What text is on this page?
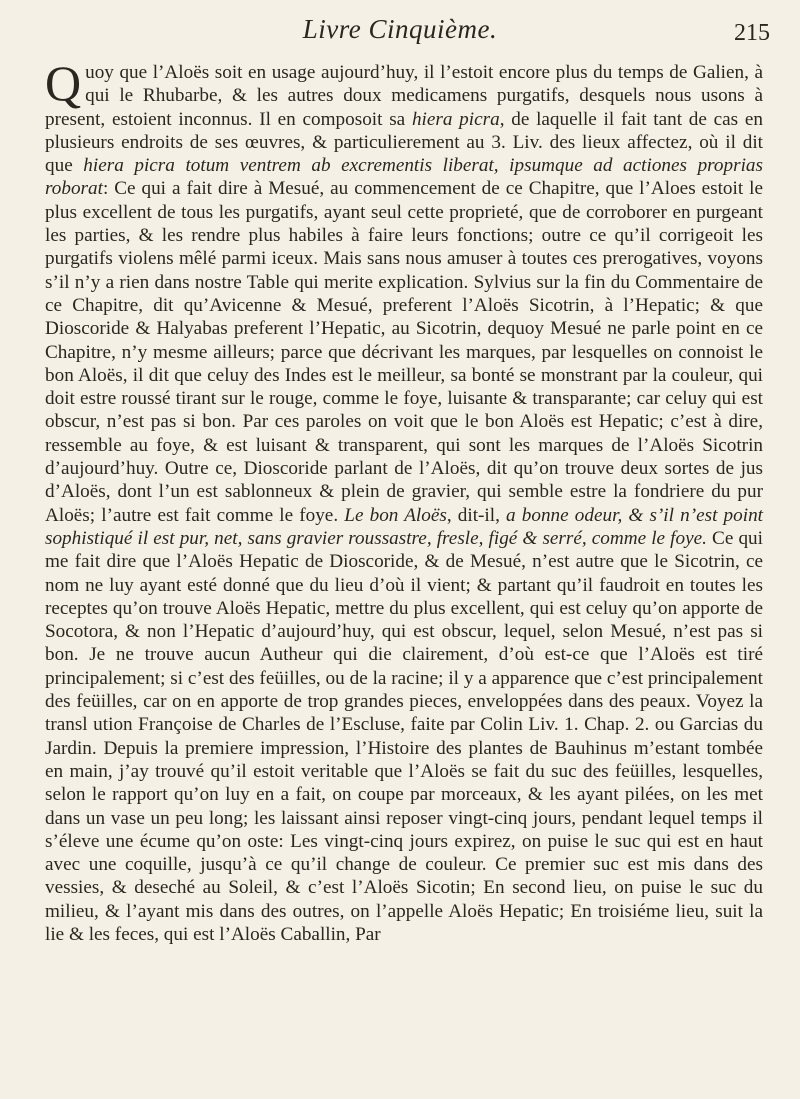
Livre Cinquième.	215

Quoy que l’Aloës soit en usage aujourd’huy, il l’estoit encore plus du temps de Galien, à qui le Rhubarbe, & les autres doux medicamens purgatifs, desquels nous usons à present, estoient inconnus. Il en composoit sa hiera picra, de laquelle il fait tant de cas en plusieurs endroits de ses œuvres, & particulierement au 3. Liv. des lieux affectez, où il dit que hiera picra totum ventrem ab excrementis liberat, ipsumque ad actiones proprias roborat: Ce qui a fait dire à Mesué, au commencement de ce Chapitre, que l’Aloes estoit le plus excellent de tous les purgatifs, ayant seul cette proprieté, que de corroborer en purgeant les parties, & les rendre plus habiles à faire leurs fonctions; outre ce qu’il corrigeoit les purgatifs violens mêlé parmi iceux. Mais sans nous amuser à toutes ces prerogatives, voyons s’il n’y a rien dans nostre Table qui merite explication. Sylvius sur la fin du Commentaire de ce Chapitre, dit qu’Avicenne & Mesué, preferent l’Aloës Sicotrin, à l’Hepatic; & que Dioscoride & Halyabas preferent l’Hepatic, au Sicotrin, dequoy Mesué ne parle point en ce Chapitre, n’y mesme ailleurs; parce que décrivant les marques, par lesquelles on connoist le bon Aloës, il dit que celuy des Indes est le meilleur, sa bonté se monstrant par la couleur, qui doit estre roussé tirant sur le rouge, comme le foye, luisante & transparante; car celuy qui est obscur, n’est pas si bon. Par ces paroles on voit que le bon Aloës est Hepatic; c’est à dire, ressemble au foye, & est luisant & transparent, qui sont les marques de l’Aloës Sicotrin d’aujourd’huy. Outre ce, Dioscoride parlant de l’Aloës, dit qu’on trouve deux sortes de jus d’Aloës, dont l’un est sablonneux & plein de gravier, qui semble estre la fondriere du pur Aloës; l’autre est fait comme le foye. Le bon Aloës, dit-il, a bonne odeur, & s’il n’est point sophistiqué il est pur, net, sans gravier roussastre, fresle, figé & serré, comme le foye. Ce qui me fait dire que l’Aloës Hepatic de Dioscoride, & de Mesué, n’est autre que le Sicotrin, ce nom ne luy ayant esté donné que du lieu d’où il vient; & partant qu’il faudroit en toutes les receptes qu’on trouve Aloës Hepatic, mettre du plus excellent, qui est celuy qu’on apporte de Socotora, & non l’Hepatic d’aujourd’huy, qui est obscur, lequel, selon Mesué, n’est pas si bon. Je ne trouve aucun Autheur qui die clairement, d’où est-ce que l’Aloës est tiré principalement; si c’est des feüilles, ou de la racine; il y a apparence que c’est principalement des feüilles, car on en apporte de trop grandes pieces, enveloppées dans des peaux. Voyez la transl ution Françoise de Charles de l’Escluse, faite par Colin Liv. 1. Chap. 2. ou Garcias du Jardin. Depuis la premiere impression, l’Histoire des plantes de Bauhinus m’estant tombée en main, j’ay trouvé qu’il estoit veritable que l’Aloës se fait du suc des feüilles, lesquelles, selon le rapport qu’on luy en a fait, on coupe par morceaux, & les ayant pilées, on les met dans un vase un peu long; les laissant ainsi reposer vingt-cinq jours, pendant lequel temps il s’éleve une écume qu’on oste: Les vingt-cinq jours expirez, on puise le suc qui est en haut avec une coquille, jusqu’à ce qu’il change de couleur. Ce premier suc est mis dans des vessies, & deseché au Soleil, & c’est l’Aloës Sicotin; En second lieu, on puise le suc du milieu, & l’ayant mis dans des outres, on l’appelle Aloës Hepatic; En troisiéme lieu, suit la lie & les feces, qui est l’Aloës Caballin, Par
